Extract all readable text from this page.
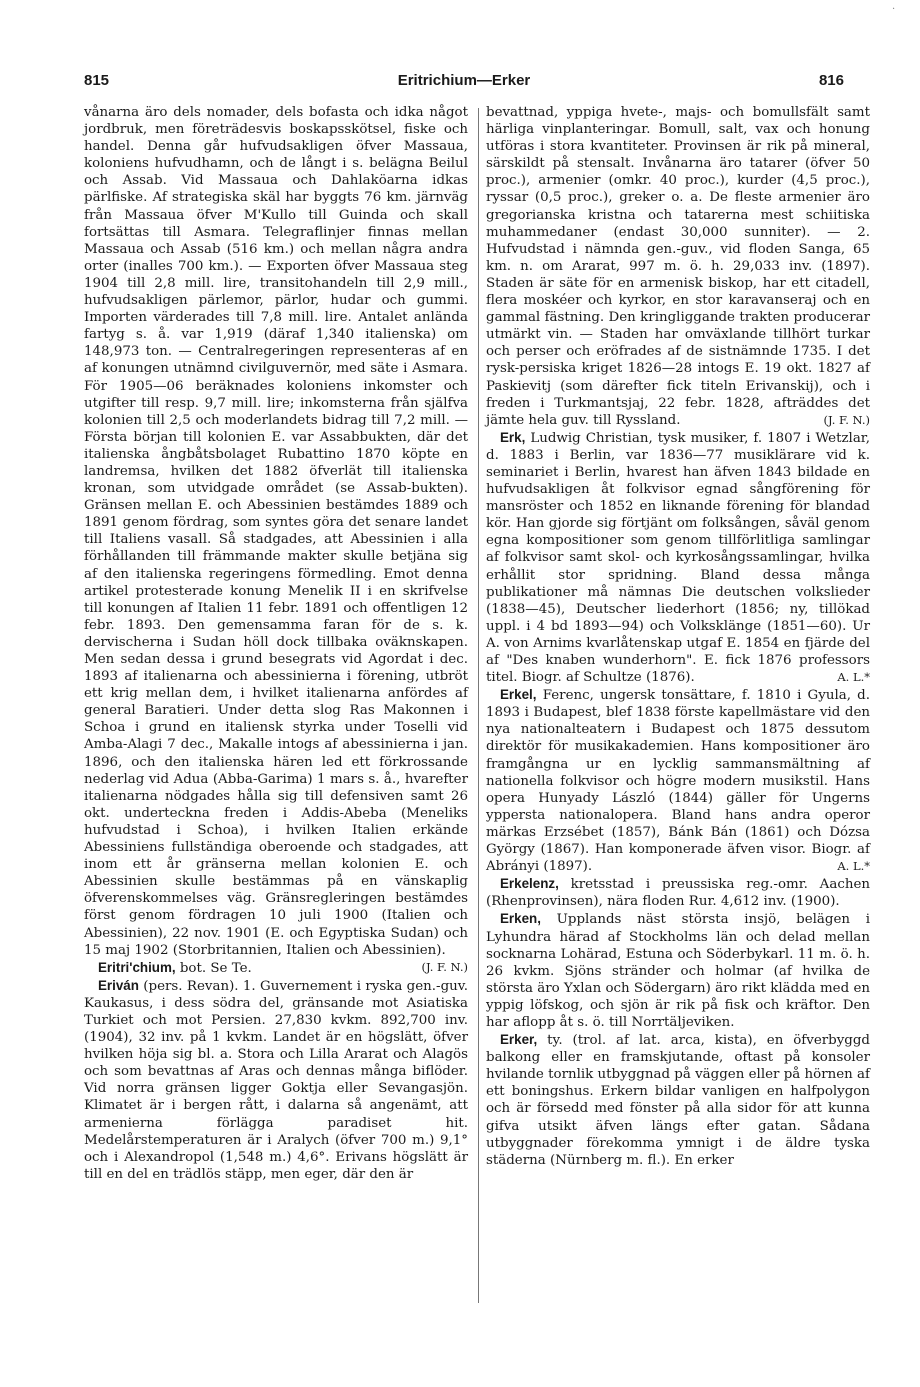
·
815	Eritrichium—Erker	816

vånarna äro dels nomader, dels bofasta och idka något jordbruk, men företrädesvis boskapsskötsel, fiske och handel. Denna går hufvudsakligen öfver Massaua, koloniens hufvudhamn, och de långt i s. belägna Beilul och Assab. Vid Massaua och Dahlaköarna idkas pärlfiske. Af strategiska skäl har byggts 76 km. järnväg från Massaua öfver M'Kullo till Guinda och skall fortsättas till Asmara. Telegraflinjer finnas mellan Massaua och Assab (516 km.) och mellan några andra orter (inalles 700 km.). — Exporten öfver Massaua steg 1904 till 2,8 mill. lire, transitohandeln till 2,9 mill., hufvudsakligen pärlemor, pärlor, hudar och gummi. Importen värderades till 7,8 mill. lire. Antalet anlända fartyg s. å. var 1,919 (däraf 1,340 italienska) om 148,973 ton. — Centralregeringen representeras af en af konungen utnämnd civilguvernör, med säte i Asmara. För 1905—06 beräknades koloniens inkomster och utgifter till resp. 9,7 mill. lire; inkomsterna från själfva kolonien till 2,5 och moderlandets bidrag till 7,2 mill. — Första början till kolonien E. var Assabbukten, där det italienska ångbåtsbolaget Rubattino 1870 köpte en landremsa, hvilken det 1882 öfverlät till italienska kronan, som utvidgade området (se Assab-bukten). Gränsen mellan E. och Abessinien bestämdes 1889 och 1891 genom fördrag, som syntes göra det senare landet till Italiens vasall. Så stadgades, att Abessinien i alla förhållanden till främmande makter skulle betjäna sig af den italienska regeringens förmedling. Emot denna artikel protesterade konung Menelik II i en skrifvelse till konungen af Italien 11 febr. 1891 och offentligen 12 febr. 1893. Den gemensamma faran för de s. k. dervischerna i Sudan höll dock tillbaka oväknskapen. Men sedan dessa i grund besegrats vid Agordat i dec. 1893 af italienarna och abessinierna i förening, utbröt ett krig mellan dem, i hvilket italienarna anfördes af general Baratieri. Under detta slog Ras Makonnen i Schoa i grund en italiensk styrka under Toselli vid Amba-Alagi 7 dec., Makalle intogs af abessinierna i jan. 1896, och den italienska hären led ett förkrossande nederlag vid Adua (Abba-Garima) 1 mars s. å., hvarefter italienarna nödgades hålla sig till defensiven samt 26 okt. underteckna freden i Addis-Abeba (Meneliks hufvudstad i Schoa), i hvilken Italien erkände Abessiniens fullständiga oberoende och stadgades, att inom ett år gränserna mellan kolonien E. och Abessinien skulle bestämmas på en vänskaplig öfverenskommelses väg. Gränsregleringen bestämdes först genom fördragen 10 juli 1900 (Italien och Abessinien), 22 nov. 1901 (E. och Egyptiska Sudan) och 15 maj 1902 (Storbritannien, Italien och Abessinien).
(J. F. N.)

Eritri'chium, bot. Se Te.

Eriván (pers. Revan). 1. Guvernement i ryska gen.-guv. Kaukasus, i dess södra del, gränsande mot Asiatiska Turkiet och mot Persien. 27,830 kvkm. 892,700 inv. (1904), 32 inv. på 1 kvkm. Landet är en högslätt, öfver hvilken höja sig bl. a. Stora och Lilla Ararat och Alagös och som bevattnas af Aras och dennas många biflöder. Vid norra gränsen ligger Goktja eller Sevangasjön. Klimatet är i bergen rått, i dalarna så angenämt, att armenierna förlägga paradiset hit. Medelårstemperaturen är i Aralych (öfver 700 m.) 9,1° och i Alexandropol (1,548 m.) 4,6°. Erivans högslätt är till en del en trädlös stäpp, men eger, där den är

bevattnad, yppiga hvete-, majs- och bomullsfält samt härliga vinplanteringar. Bomull, salt, vax och honung utföras i stora kvantiteter. Provinsen är rik på mineral, särskildt på stensalt. Invånarna äro tatarer (öfver 50 proc.), armenier (omkr. 40 proc.), kurder (4,5 proc.), ryssar (0,5 proc.), greker o. a. De fleste armenier äro gregorianska kristna och tatarerna mest schiitiska muhammedaner (endast 30,000 sunniter). — 2. Hufvudstad i nämnda gen.-guv., vid floden Sanga, 65 km. n. om Ararat, 997 m. ö. h. 29,033 inv. (1897). Staden är säte för en armenisk biskop, har ett citadell, flera moskéer och kyrkor, en stor karavanseraj och en gammal fästning. Den kringliggande trakten producerar utmärkt vin. — Staden har omväxlande tillhört turkar och perser och eröfrades af de sistnämnde 1735. I det rysk-persiska kriget 1826—28 intogs E. 19 okt. 1827 af Paskievitj (som därefter fick titeln Erivanskij), och i freden i Turkmantsjaj, 22 febr. 1828, afträddes det jämte hela guv. till Ryssland.	(J. F. N.)

Erk, Ludwig Christian, tysk musiker, f. 1807 i Wetzlar, d. 1883 i Berlin, var 1836—77 musiklärare vid k. seminariet i Berlin, hvarest han äfven 1843 bildade en hufvudsakligen åt folkvisor egnad sångförening för mansröster och 1852 en liknande förening för blandad kör. Han gjorde sig förtjänt om folksången, såväl genom egna kompositioner som genom tillförlitliga samlingar af folkvisor samt skol- och kyrkosångssamlingar, hvilka erhållit stor spridning. Bland dessa många publikationer må nämnas Die deutschen volkslieder (1838—45), Deutscher liederhort (1856; ny, tillökad uppl. i 4 bd 1893—94) och Volksklänge (1851—60). Ur A. von Arnims kvarlåtenskap utgaf E. 1854 en fjärde del af "Des knaben wunderhorn". E. fick 1876 professors titel. Biogr. af Schultze (1876).	A. L.*

Erkel, Ferenc, ungersk tonsättare, f. 1810 i Gyula, d. 1893 i Budapest, blef 1838 förste kapellmästare vid den nya nationalteatern i Budapest och 1875 dessutom direktör för musikakademien. Hans kompositioner äro framgångna ur en lycklig sammansmältning af nationella folkvisor och högre modern musikstil. Hans opera Hunyady László (1844) gäller för Ungerns yppersta nationalopera. Bland hans andra operor märkas Erzsébet (1857), Bánk Bán (1861) och Dózsa György (1867). Han komponerade äfven visor. Biogr. af Abrányi (1897).	A. L.*

Erkelenz, kretsstad i preussiska reg.-omr. Aachen (Rhenprovinsen), nära floden Rur. 4,612 inv. (1900).

Erken, Upplands näst största insjö, belägen i Lyhundra härad af Stockholms län och delad mellan socknarna Lohärad, Estuna och Söderbykarl. 11 m. ö. h. 26 kvkm. Sjöns stränder och holmar (af hvilka de största äro Yxlan och Södergarn) äro rikt klädda med en yppig löfskog, och sjön är rik på fisk och kräftor. Den har aflopp åt s. ö. till Norrtäljeviken.

Erker, ty. (trol. af lat. arca, kista), en öfverbyggd balkong eller en framskjutande, oftast på konsoler hvilande tornlik utbyggnad på väggen eller på hörnen af ett boningshus. Erkern bildar vanligen en halfpolygon och är försedd med fönster på alla sidor för att kunna gifva utsikt äfven längs efter gatan. Sådana utbyggnader förekomma ymnigt i de äldre tyska städerna (Nürnberg m. fl.). En erker
